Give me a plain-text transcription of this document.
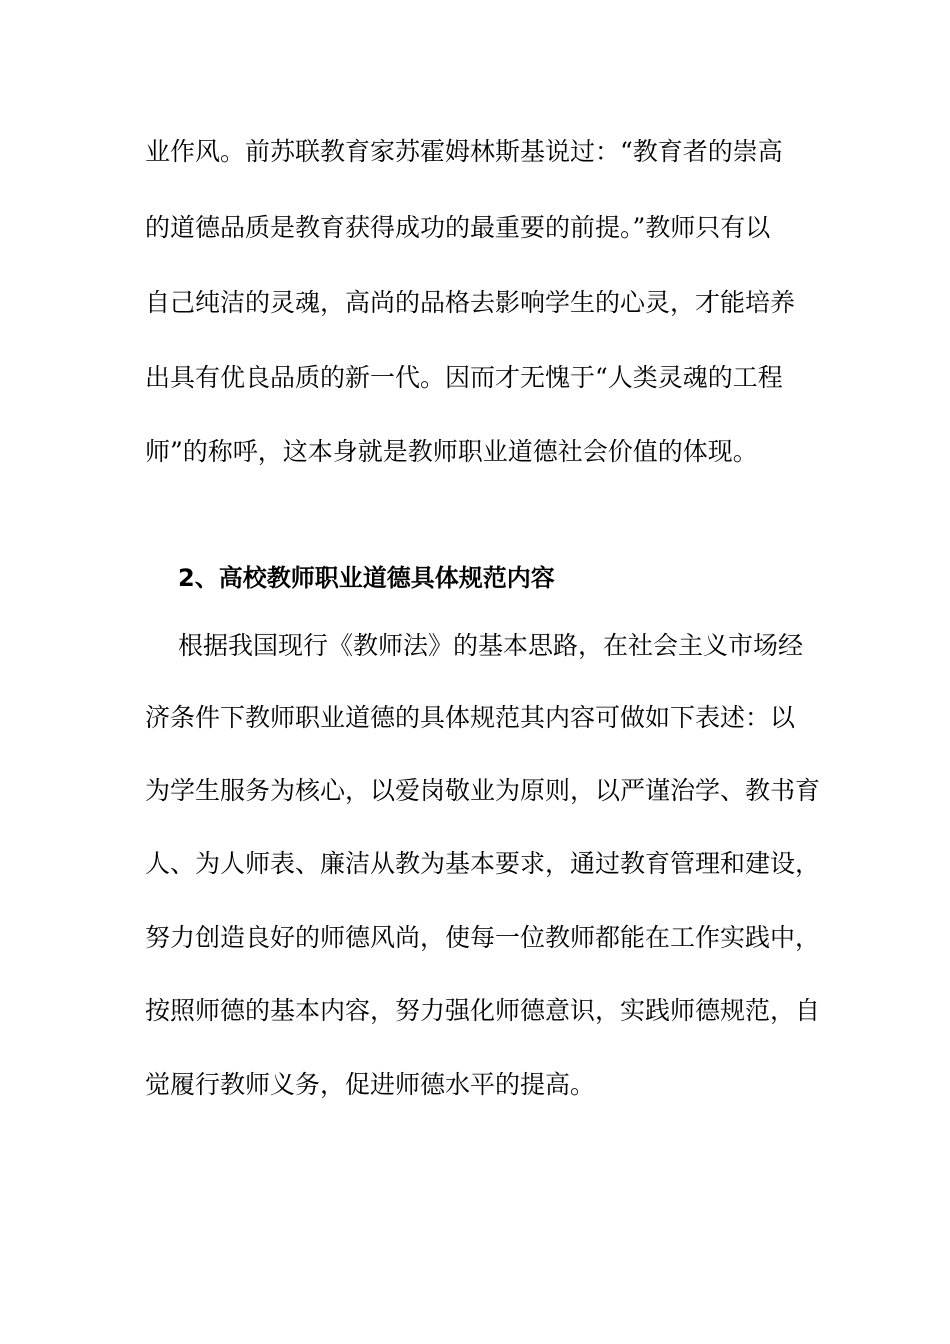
业作风。前苏联教育家苏霍姆林斯基说过：“教育者的崇高
的道德品质是教育获得成功的最重要的前提。”教师只有以
自己纯洁的灵魂，高尚的品格去影响学生的心灵，才能培养
出具有优良品质的新一代。因而才无愧于“人类灵魂的工程
师”的称呼，这本身就是教师职业道德社会价值的体现。
2、高校教师职业道德具体规范内容
根据我国现行《教师法》的基本思路，在社会主义市场经
济条件下教师职业道德的具体规范其内容可做如下表述：以
为学生服务为核心，以爱岗敬业为原则，以严谨治学、教书育
人、为人师表、廉洁从教为基本要求，通过教育管理和建设，
努力创造良好的师德风尚，使每一位教师都能在工作实践中，
按照师德的基本内容，努力强化师德意识，实践师德规范，自
觉履行教师义务，促进师德水平的提高。
